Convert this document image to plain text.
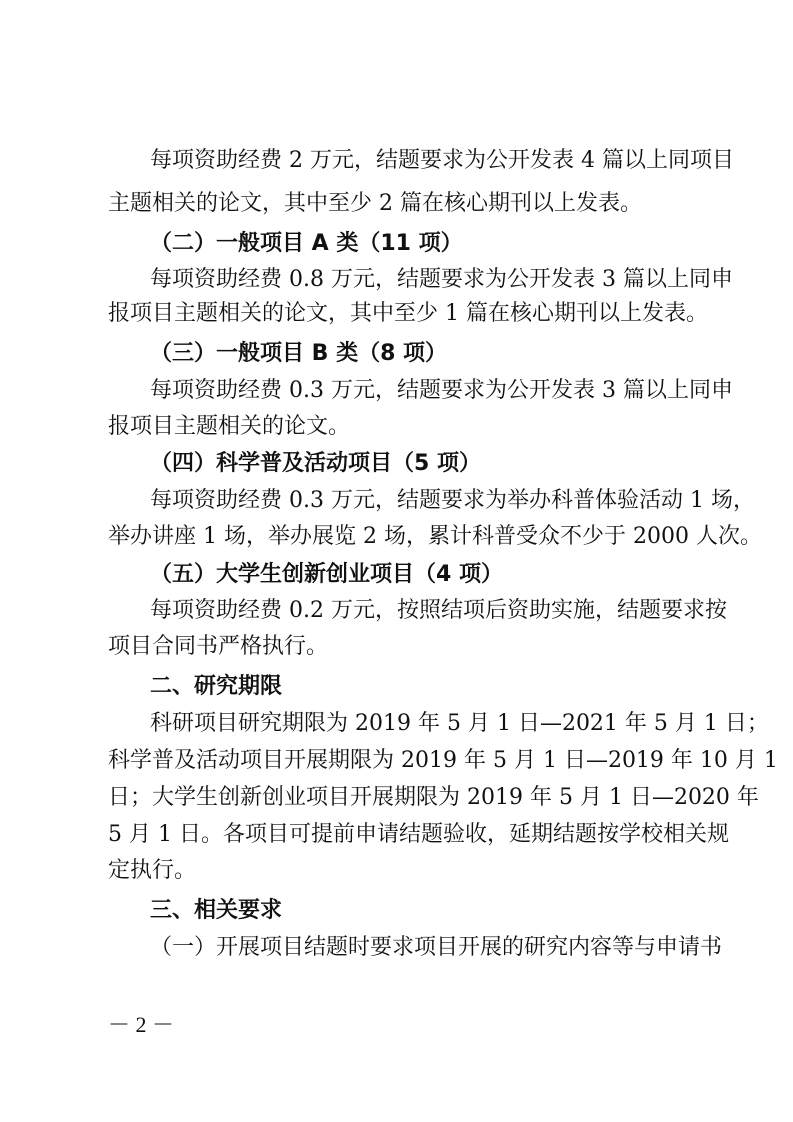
每项资助经费 2 万元，结题要求为公开发表 4 篇以上同项目
主题相关的论文，其中至少 2 篇在核心期刊以上发表。
（二）一般项目 A 类（11 项）
每项资助经费 0.8 万元，结题要求为公开发表 3 篇以上同申
报项目主题相关的论文，其中至少 1 篇在核心期刊以上发表。
（三）一般项目 B 类（8 项）
每项资助经费 0.3 万元，结题要求为公开发表 3 篇以上同申
报项目主题相关的论文。
（四）科学普及活动项目（5 项）
每项资助经费 0.3 万元，结题要求为举办科普体验活动 1 场，
举办讲座 1 场，举办展览 2 场，累计科普受众不少于 2000 人次。
（五）大学生创新创业项目（4 项）
每项资助经费 0.2 万元，按照结项后资助实施，结题要求按
项目合同书严格执行。
二、研究期限
科研项目研究期限为 2019 年 5 月 1 日—2021 年 5 月 1 日；
科学普及活动项目开展期限为 2019 年 5 月 1 日—2019 年 10 月 1
日；大学生创新创业项目开展期限为 2019 年 5 月 1 日—2020 年
5 月 1 日。各项目可提前申请结题验收，延期结题按学校相关规
定执行。
三、相关要求
（一）开展项目结题时要求项目开展的研究内容等与申请书
－ 2 －
